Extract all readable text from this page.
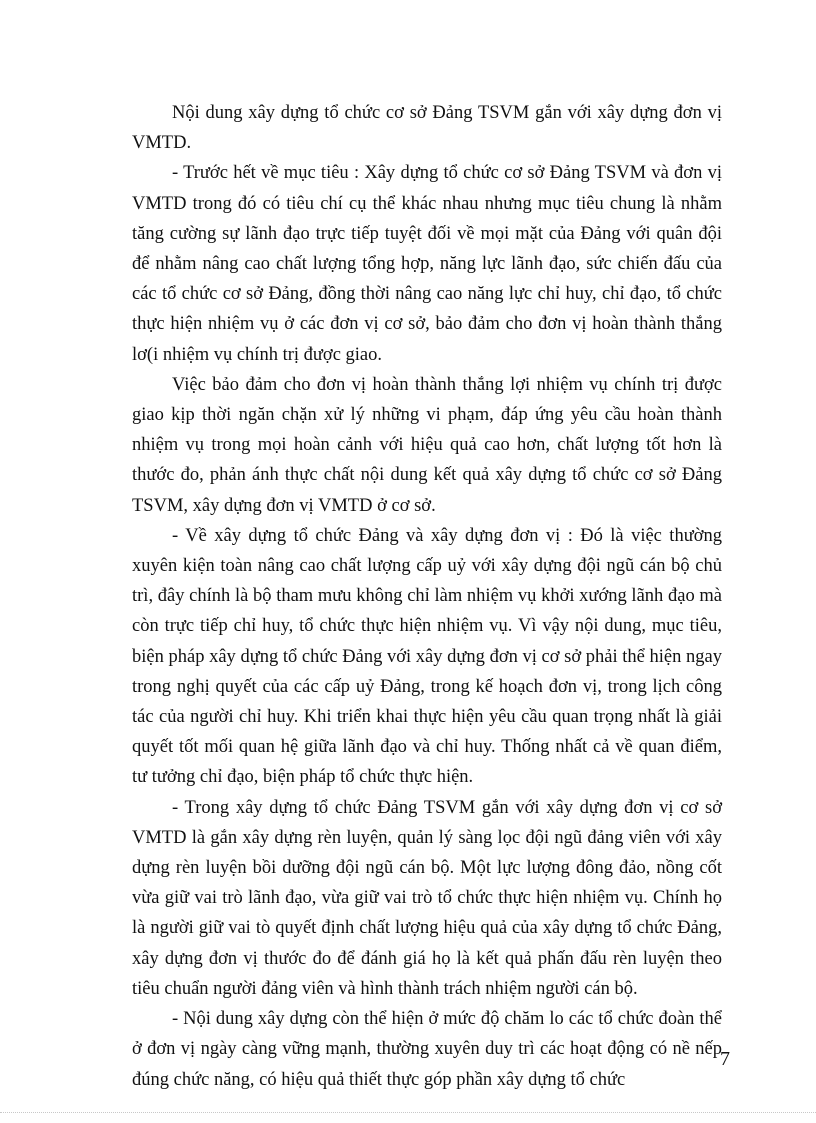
Nội dung xây dựng tổ chức cơ sở Đảng TSVM gắn với xây dựng đơn vị VMTD.

- Trước hết về mục tiêu : Xây dựng tổ chức cơ sở Đảng TSVM và đơn vị VMTD trong đó có tiêu chí cụ thể khác nhau nhưng mục tiêu chung là nhằm tăng cường sự lãnh đạo trực tiếp tuyệt đối về mọi mặt của Đảng với quân đội để nhằm nâng cao chất lượng tổng hợp, năng lực lãnh đạo, sức chiến đấu của các tổ chức cơ sở Đảng, đồng thời nâng cao năng lực chỉ huy, chỉ đạo, tổ chức thực hiện nhiệm vụ ở các đơn vị cơ sở, bảo đảm cho đơn vị hoàn thành thắng lơ(i nhiệm vụ chính trị được giao.

Việc bảo đảm cho đơn vị hoàn thành thắng lợi nhiệm vụ chính trị được giao kịp thời ngăn chặn xử lý những vi phạm, đáp ứng yêu cầu hoàn thành nhiệm vụ trong mọi hoàn cảnh với hiệu quả cao hơn, chất lượng tốt hơn là thước đo, phản ánh thực chất nội dung kết quả xây dựng tổ chức cơ sở Đảng TSVM, xây dựng đơn vị VMTD ở cơ sở.

- Về xây dựng tổ chức Đảng và xây dựng đơn vị : Đó là việc thường xuyên kiện toàn nâng cao chất lượng cấp uỷ với xây dựng đội ngũ cán bộ chủ trì, đây chính là bộ tham mưu không chỉ làm nhiệm vụ khởi xướng lãnh đạo mà còn trực tiếp chỉ huy, tổ chức thực hiện nhiệm vụ. Vì vậy nội dung, mục tiêu, biện pháp xây dựng tổ chức Đảng với xây dựng đơn vị cơ sở phải thể hiện ngay trong nghị quyết của các cấp uỷ Đảng, trong kế hoạch đơn vị, trong lịch công tác của người chỉ huy. Khi triển khai thực hiện yêu cầu quan trọng nhất là giải quyết tốt mối quan hệ giữa lãnh đạo và chỉ huy. Thống nhất cả về quan điểm, tư tưởng chỉ đạo, biện pháp tổ chức thực hiện.

- Trong xây dựng tổ chức Đảng TSVM gắn với xây dựng đơn vị cơ sở VMTD là gắn xây dựng rèn luyện, quản lý sàng lọc đội ngũ đảng viên với xây dựng rèn luyện bồi dưỡng đội ngũ cán bộ. Một lực lượng đông đảo, nồng cốt vừa giữ vai trò lãnh đạo, vừa giữ vai trò tổ chức thực hiện nhiệm vụ. Chính họ là người giữ vai tò quyết định chất lượng hiệu quả của xây dựng tổ chức Đảng, xây dựng đơn vị thước đo để đánh giá họ là kết quả phấn đấu rèn luyện theo tiêu chuẩn người đảng viên và hình thành trách nhiệm người cán bộ.

- Nội dung xây dựng còn thể hiện ở mức độ chăm lo các tổ chức đoàn thể ở đơn vị ngày càng vững mạnh, thường xuyên duy trì các hoạt động có nề nếp đúng chức năng, có hiệu quả thiết thực góp phần xây dựng tổ chức

7
